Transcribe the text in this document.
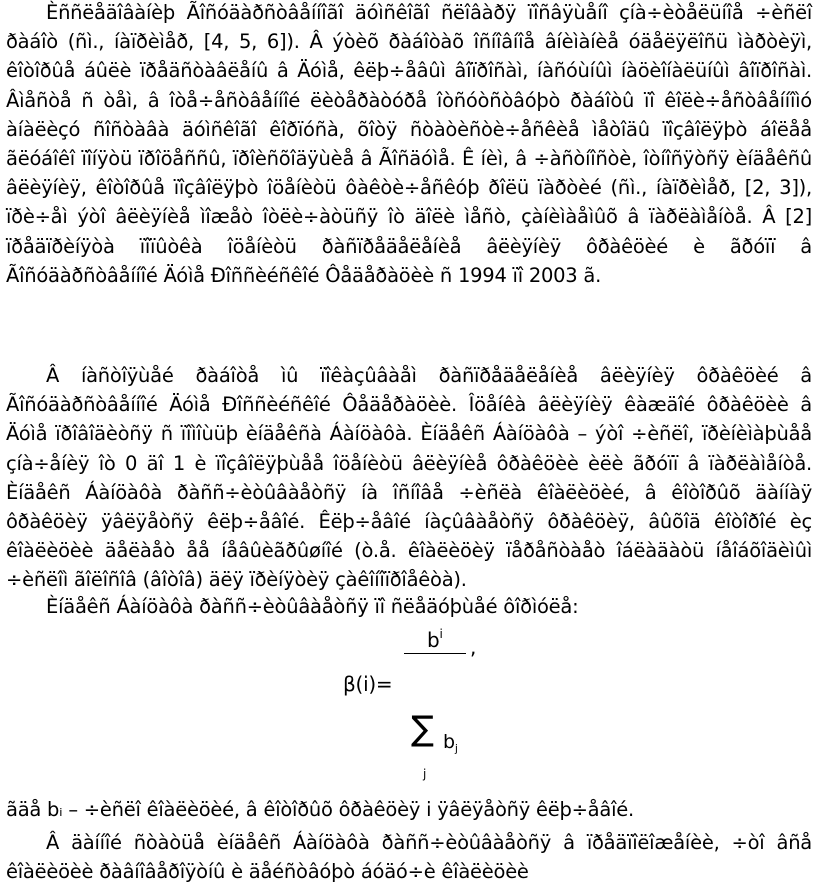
Èññëåäîâàíèþ Ãîñóäàðñòâåííîãî äóìñêîãî ñëîâàðÿ ïîñâÿùåíî çíà÷èòåëüíîå ÷èñëî ðàáîò (ñì., íàïðèìåð, [4, 5, 6]). Â ýòèõ ðàáîòàõ îñíîâíîå âíèìàíèå óäåëÿëîñü ìàðòèÿì, êîòîðûå áûëè ïðåäñòàâëåíû â Äóìå, êëþ÷åâûì âîïðîñàì, íàñóùíûì íàöèîíàëüíûì âîïðîñàì. Âìåñòå ñ òåì, â îòå÷åñòâåííîé ëèòåðàòóðå îòñóòñòâóþò ðàáîòû ïî êîëè÷åñòâåííîìó àíàëèçó ñîñòàâà äóìñêîãî êîðïóñà, õîòÿ ñòàòèñòè÷åñêèå ìåòîäû ïîçâîëÿþò áîëåå ãëóáîêî ïîíÿòü ïðîöåññû, ïðîèñõîäÿùèå â Ãîñäóìå. Ê íèì, â ÷àñòíîñòè, îòíîñÿòñÿ èíäåêñû âëèÿíèÿ, êîòîðûå ïîçâîëÿþò îöåíèòü ôàêòè÷åñêóþ ðîëü ïàðòèé (ñì., íàïðèìåð, [2, 3]), ïðè÷åì ýòî âëèÿíèå ìîæåò îòëè÷àòüñÿ îò äîëè ìåñò, çàíèìàåìûõ â ïàðëàìåíòå. Â [2] ïðåäïðèíÿòà ïîïûòêà îöåíèòü ðàñïðåäåëåíèå âëèÿíèÿ ôðàêöèé è ãðóïï â Ãîñóäàðñòâåííîé Äóìå Ðîññèéñêîé Ôåäåðàöèè ñ 1994 ïî 2003 ã.

Â íàñòîÿùåé ðàáîòå ìû ïîêàçûâàåì ðàñïðåäåëåíèå âëèÿíèÿ ôðàêöèé â Ãîñóäàðñòâåííîé Äóìå Ðîññèéñêîé Ôåäåðàöèè. Îöåíêà âëèÿíèÿ êàæäîé ôðàêöèè â Äóìå ïðîâîäèòñÿ ñ ïîìîùüþ èíäåêñà Áàíöàôà. Èíäåêñ Áàíöàôà – ýòî ÷èñëî, ïðèíèìàþùåå çíà÷åíèÿ îò 0 äî 1 è ïîçâîëÿþùåå îöåíèòü âëèÿíèå ôðàêöèè èëè ãðóïï â ïàðëàìåíòå. Èíäåêñ Áàíöàôà ðàññ÷èòûâàåòñÿ íà îñíîâå ÷èñëà êîàëèöèé, â êîòîðûõ äàííàÿ ôðàêöèÿ ÿâëÿåòñÿ êëþ÷åâîé. Êëþ÷åâîé íàçûâàåòñÿ ôðàêöèÿ, âûõîä êîòîðîé èç êîàëèöèè äåëàåò åå íåâûèãðûøíîé (ò.å. êîàëèöèÿ ïåðåñòàåò îáëàäàòü íåîáõîäèìûì ÷èñëîì ãîëîñîâ (âîòîâ) äëÿ ïðèíÿòèÿ çàêîíîïðîåêòà).

Èíäåêñ Áàíöàôà ðàññ÷èòûâàåòñÿ ïî ñëåäóþùåé ôîðìóëå:

$b^i$
,
β(i)=
∑ $b_j$
j

ãäå bᵢ – ÷èñëî êîàëèöèé, â êîòîðûõ ôðàêöèÿ i ÿâëÿåòñÿ êëþ÷åâîé.

Â äàííîé ñòàòüå èíäåêñ Áàíöàôà ðàññ÷èòûâàåòñÿ â ïðåäïîëîæåíèè, ÷òî âñå êîàëèöèè ðàâíîâåðîÿòíû è äåéñòâóþò áóäó÷è êîàëèöèè
